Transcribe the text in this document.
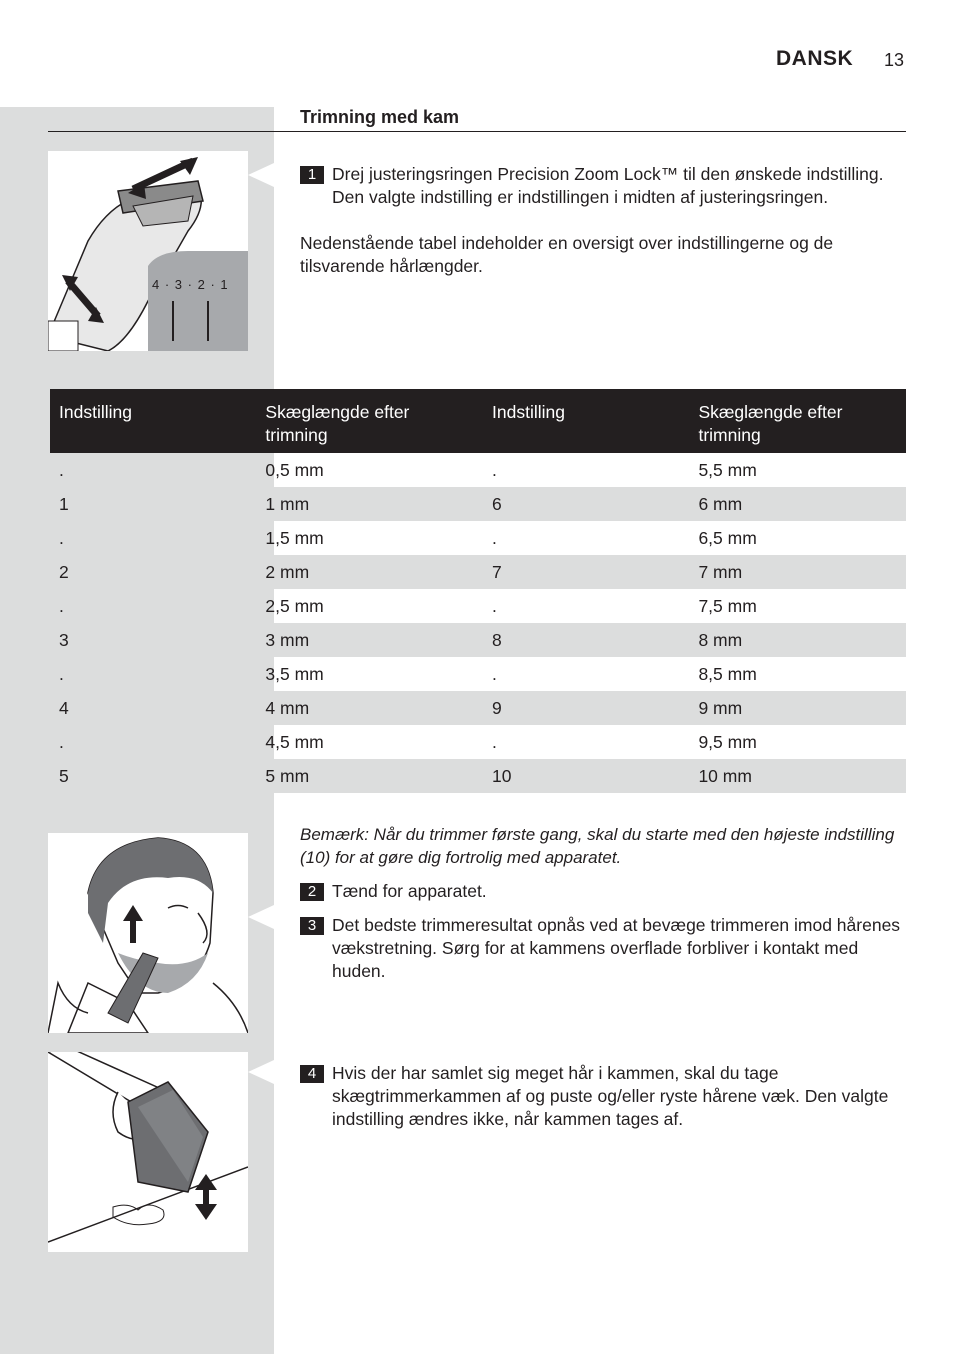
DANSK 13
Trimning med kam
4 · 3 · 2 · 1
1 Drej justeringsringen Precision Zoom Lock™ til den ønskede indstilling. Den valgte indstilling er indstillingen i midten af justeringsringen.
Nedenstående tabel indeholder en oversigt over indstillingerne og de tilsvarende hårlængder.
Indstilling	Skæglængde efter trimning	Indstilling	Skæglængde efter trimning
.	0,5 mm	.	5,5 mm
1	1 mm	6	6 mm
.	1,5 mm	.	6,5 mm
2	2 mm	7	7 mm
.	2,5 mm	.	7,5 mm
3	3 mm	8	8 mm
.	3,5 mm	.	8,5 mm
4	4 mm	9	9 mm
.	4,5 mm	.	9,5 mm
5	5 mm	10	10 mm
Bemærk: Når du trimmer første gang, skal du starte med den højeste indstilling (10) for at gøre dig fortrolig med apparatet.
2 Tænd for apparatet.
3 Det bedste trimmeresultat opnås ved at bevæge trimmeren imod hårenes vækstretning. Sørg for at kammens overflade forbliver i kontakt med huden.
4 Hvis der har samlet sig meget hår i kammen, skal du tage skægtrimmerkammen af og puste og/eller ryste hårene væk. Den valgte indstilling ændres ikke, når kammen tages af.
